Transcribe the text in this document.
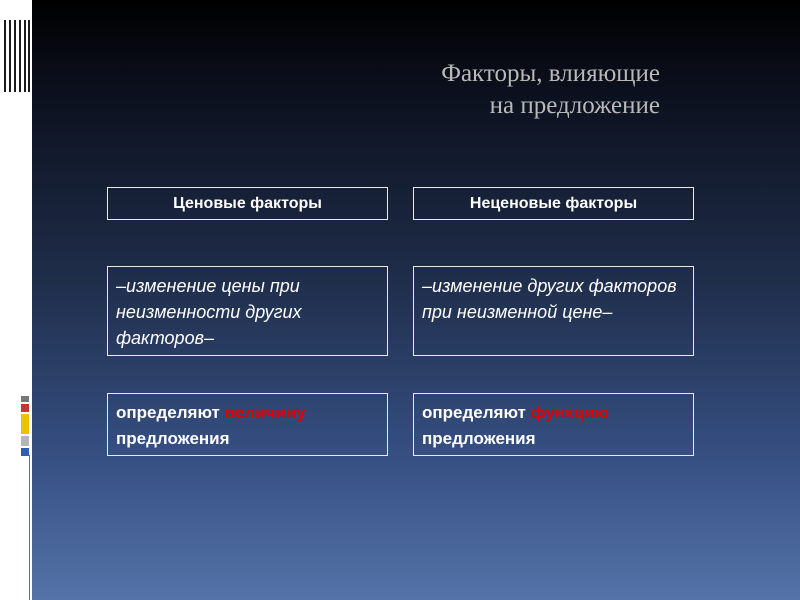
Факторы, влияющие
на предложение
Ценовые факторы	Неценовые факторы
–изменение цены при неизменности других факторов–
–изменение других факторов при неизменной цене–
определяют величину
предложения
определяют функцию
предложения
